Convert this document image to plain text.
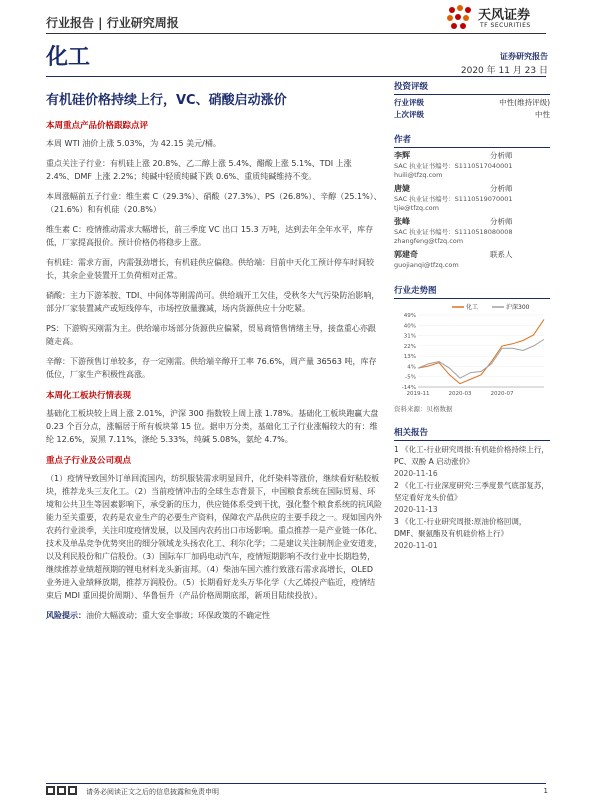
行业报告 | 行业研究周报	天风证券
TF SECURITIES
化工	证券研究报告
2020 年 11 月 23 日
有机硅价格持续上行，VC、硝酸启动涨价
本周重点产品价格跟踪点评

本周 WTI 油价上涨 5.03%，为 42.15 美元/桶。

重点关注子行业：有机硅上涨 20.8%、乙二醇上涨 5.4%、醋酸上涨 5.1%、TDI 上涨 2.4%、DMF 上涨 2.2%；纯碱中轻质纯碱下跌 0.6%、重质纯碱维持不变。

本周涨幅前五子行业：维生素 C（29.3%）、硝酸（27.3%）、PS（26.8%）、辛醇（25.1%）、（21.6%）和有机硅（20.8%）

维生素 C：疫情推动需求大幅增长，前三季度 VC 出口 15.3 万吨，达到去年全年水平，库存低，厂家提高报价。预计价格仍将稳步上涨。

有机硅：需求方面，内需强劲增长，有机硅供应偏稳。供给端：目前中天化工预计停车时间较长，其余企业装置开工负荷相对正常。

硝酸：主力下游苯胺、TDI、中间体等刚需尚可。供给端开工欠佳，受秋冬大气污染防治影响，部分厂家装置减产或短线停车，市场控放量骤减，场内货源供应十分吃紧。

PS：下游购买刚需为主。供给端市场部分货源供应偏紧，贸易商惜售情绪主导，接盘重心亦跟随走高。

辛醇：下游预售订单较多，存一定刚需。供给端辛醇开工率 76.6%，周产量 36563 吨，库存低位，厂家生产积极性高涨。

本周化工板块行情表现

基础化工板块较上周上涨 2.01%，沪深 300 指数较上周上涨 1.78%。基础化工板块跑赢大盘 0.23 个百分点，涨幅居于所有板块第 15 位。据申万分类，基础化工子行业涨幅较大的有：维纶 12.6%，炭黑 7.11%，涤纶 5.33%，纯碱 5.08%，氨纶 4.7%。

重点子行业及公司观点

（1）疫情导致国外订单回流国内，纺织服装需求明显回升，化纤染料等涨价，继续看好粘胶板块，推荐龙头三友化工。（2）当前疫情冲击的全球生态背景下，中国粮食系统在国际贸易、环境和公共卫生等因素影响下，承受新的压力，供应链体系受到干扰，强化整个粮食系统的抗风险能力至关重要，农药是农业生产的必要生产资料，保障农产品供应的主要手段之一。现如国内外农药行业淡季，关注印度疫情发展，以及国内农药出口市场影响。重点推荐一是产业链一体化、技术及单品竞争优势突出的细分领域龙头扬农化工、利尔化学；二是建议关注制剂企业安道麦，以及利民股份和广信股份。（3）国际车厂加码电动汽车，疫情短期影响不改行业中长期趋势，继续推荐业绩超预期的锂电材料龙头新宙邦。（4）柴油车国六推行致涨石需求高增长，OLED 业务进入业绩释放期，推荐万润股份。（5）长期看好龙头万华化学（大乙烯投产临近，疫情结束后 MDI 重回提价周期）、华鲁恒升（产品价格周期底部，新项目陆续投放）。

风险提示：油价大幅波动；重大安全事故；环保政策的不确定性

投资评级
行业评级	中性(维持评级)
上次评级	中性
作者
李辉	分析师
SAC 执业证书编号：S1110517040001
huili@tfzq.com
唐婕	分析师
SAC 执业证书编号：S1110519070001
tjie@tfzq.com
张峰	分析师
SAC 执业证书编号：S1110518080008
zhangfeng@tfzq.com
郭建奇	联系人
guojianqi@tfzq.com
行业走势图
49%
40%
31%
22%
13%
4%
-5%
-14%
2019-11	2020-03	2020-07
化工	沪深300
资料来源：贝格数据
相关报告

1 《化工-行业研究周报:有机硅价格持续上行，PC、双酚 A 启动涨价》

2020-11-16

2 《化工-行业深度研究:三季度景气底部复苏，坚定看好龙头价值》

2020-11-13

3 《化工-行业研究周报:原油价格回调，DMF、聚氨酯及有机硅价格上行》

2020-11-01

请务必阅读正文之后的信息披露和免责申明	1
